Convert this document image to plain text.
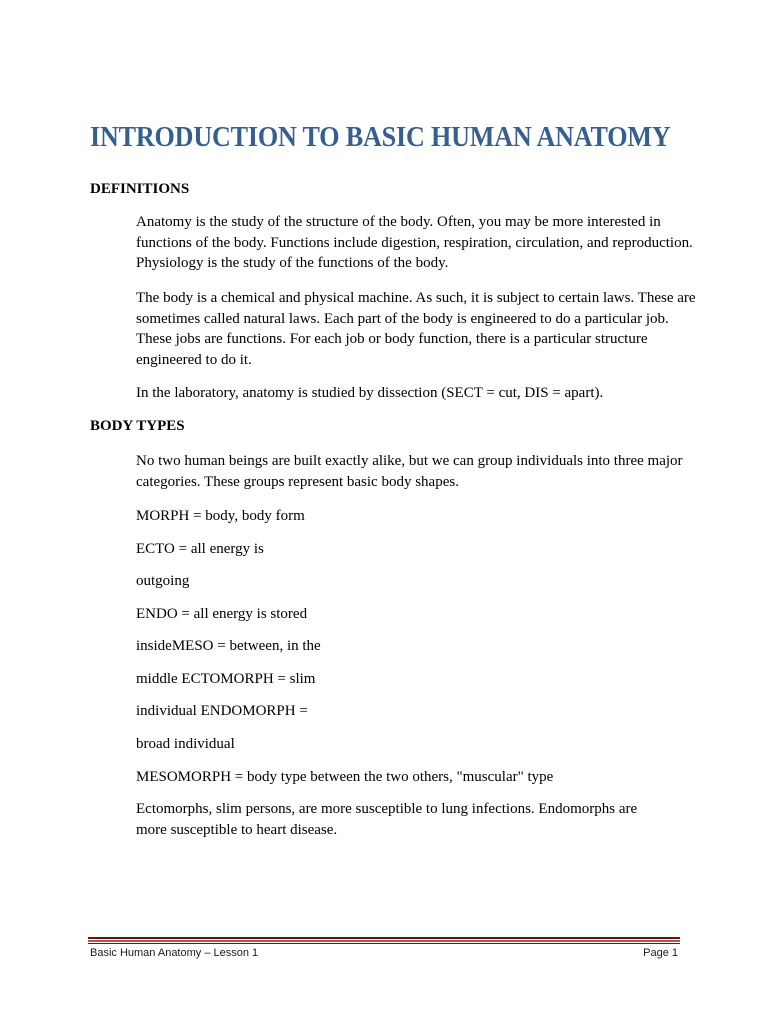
INTRODUCTION TO BASIC HUMAN ANATOMY
DEFINITIONS

Anatomy is the study of the structure of the body. Often, you may be more interested in functions of the body. Functions include digestion, respiration, circulation, and reproduction. Physiology is the study of the functions of the body.

The body is a chemical and physical machine. As such, it is subject to certain laws. These are sometimes called natural laws. Each part of the body is engineered to do a particular job. These jobs are functions. For each job or body function, there is a particular structure engineered to do it.

In the laboratory, anatomy is studied by dissection (SECT = cut, DIS = apart).

BODY TYPES

No two human beings are built exactly alike, but we can group individuals into three major categories. These groups represent basic body shapes.

MORPH = body, body form

ECTO = all energy is

outgoing

ENDO = all energy is stored

insideMESO = between, in the

middle ECTOMORPH = slim

individual ENDOMORPH =

broad individual

MESOMORPH = body type between the two others, "muscular" type

Ectomorphs, slim persons, are more susceptible to lung infections. Endomorphs are more susceptible to heart disease.

Basic Human Anatomy – Lesson 1	Page 1
